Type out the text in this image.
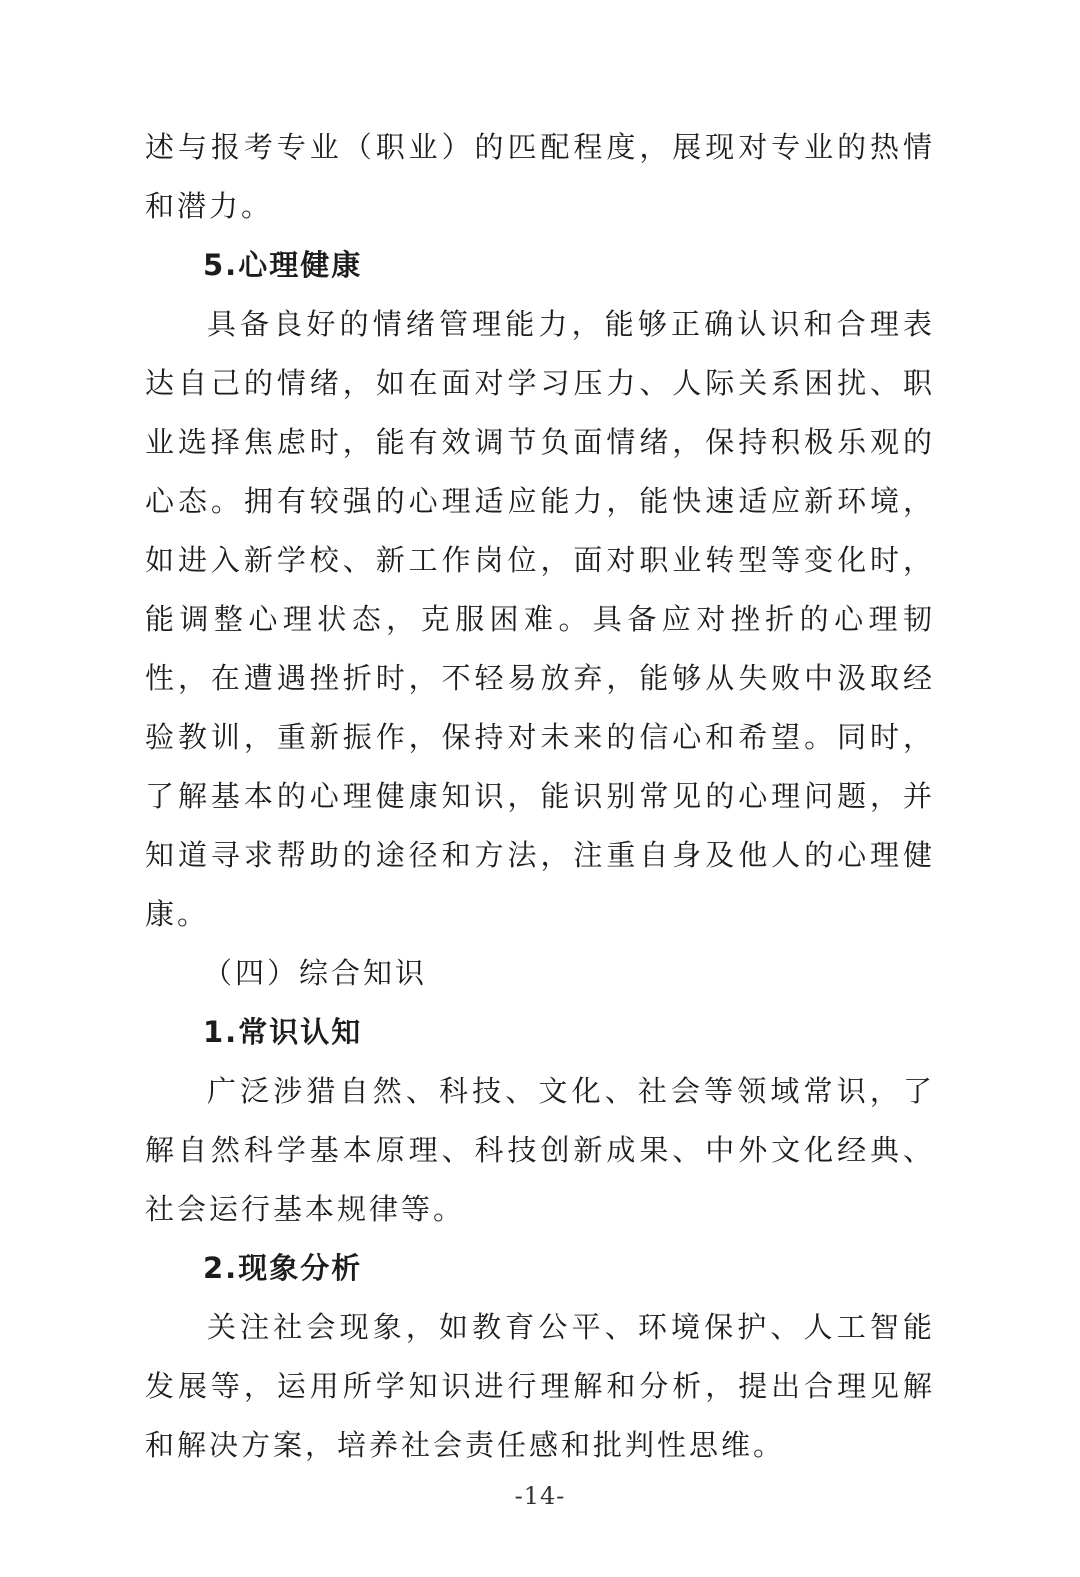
述与报考专业（职业）的匹配程度，展现对专业的热情和潜力。

5.心理健康

具备良好的情绪管理能力，能够正确认识和合理表达自己的情绪，如在面对学习压力、人际关系困扰、职业选择焦虑时，能有效调节负面情绪，保持积极乐观的心态。拥有较强的心理适应能力，能快速适应新环境，如进入新学校、新工作岗位，面对职业转型等变化时，能调整心理状态，克服困难。具备应对挫折的心理韧性，在遭遇挫折时，不轻易放弃，能够从失败中汲取经验教训，重新振作，保持对未来的信心和希望。同时，了解基本的心理健康知识，能识别常见的心理问题，并知道寻求帮助的途径和方法，注重自身及他人的心理健康。

（四）综合知识

1.常识认知

广泛涉猎自然、科技、文化、社会等领域常识，了解自然科学基本原理、科技创新成果、中外文化经典、社会运行基本规律等。

2.现象分析

关注社会现象，如教育公平、环境保护、人工智能发展等，运用所学知识进行理解和分析，提出合理见解和解决方案，培养社会责任感和批判性思维。

-14-
